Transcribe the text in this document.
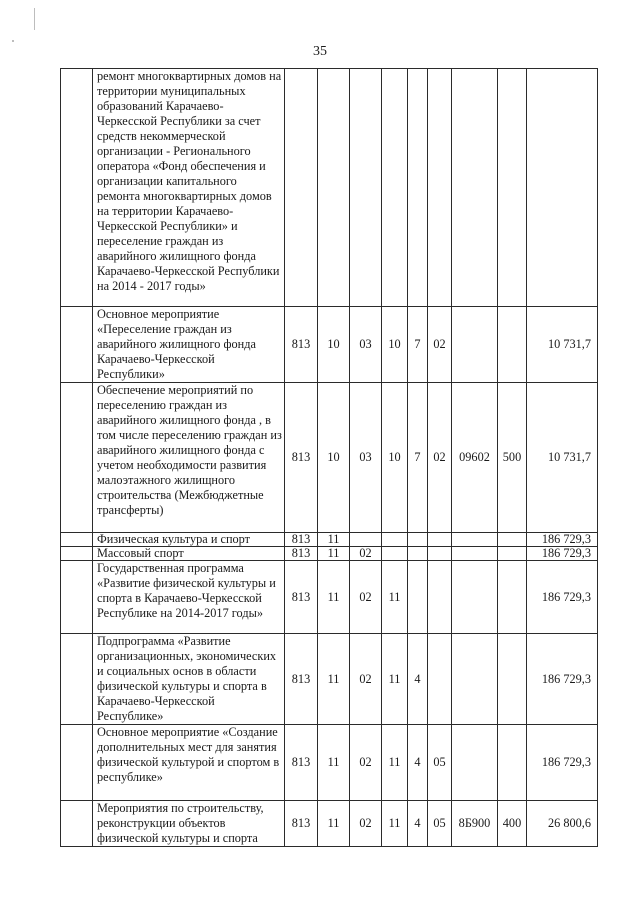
35
	ремонт многоквартирных домов на территории муниципальных образований Карачаево-Черкесской Республики за счет средств некоммерческой организации - Регионального оператора «Фонд обеспечения и организации капитального ремонта многоквартирных домов на территории Карачаево-Черкесской Республики» и переселение граждан из аварийного жилищного фонда Карачаево-Черкесской Республики на 2014 - 2017 годы»									
	Основное мероприятие «Переселение граждан из аварийного жилищного фонда Карачаево-Черкесской Республики»	813	10	03	10	7	02			10 731,7
	Обеспечение мероприятий по переселению граждан из аварийного жилищного фонда , в том числе переселению граждан из аварийного жилищного фонда с учетом необходимости развития малоэтажного жилищного строительства (Межбюджетные трансферты)	813	10	03	10	7	02	09602	500	10 731,7
	Физическая культура и спорт	813	11							186 729,3
	Массовый спорт	813	11	02						186 729,3
	Государственная программа «Развитие физической культуры и спорта в Карачаево-Черкесской Республике на 2014-2017 годы»	813	11	02	11					186 729,3
	Подпрограмма «Развитие организационных, экономических и социальных основ в области физической культуры и спорта в Карачаево-Черкесской Республике»	813	11	02	11	4				186 729,3
	Основное мероприятие «Создание дополнительных мест для занятия физической культурой и спортом в республике»	813	11	02	11	4	05			186 729,3
	Мероприятия по строительству, реконструкции объектов физической культуры и спорта	813	11	02	11	4	05	8Б900	400	26 800,6
